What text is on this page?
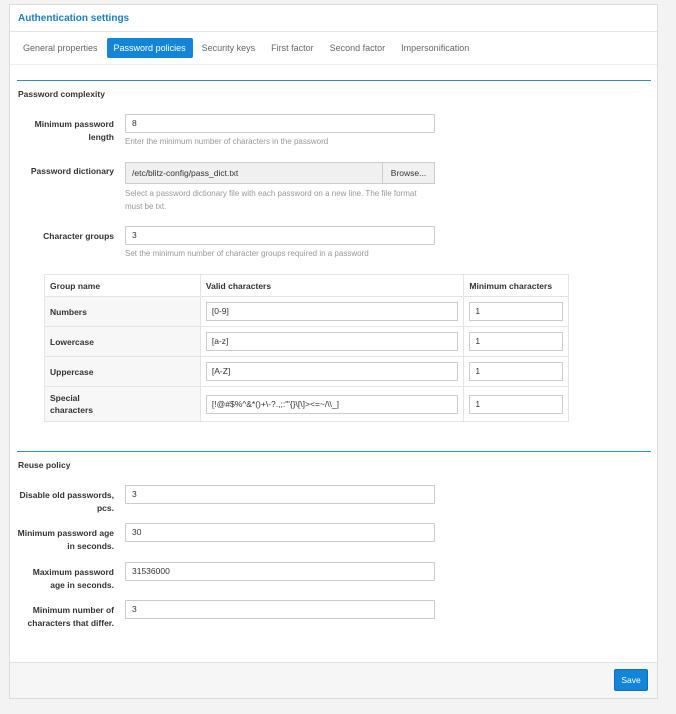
Authentication settings
General properties	Password policies	Security keys	First factor	Second factor	Impersonification
Password complexity
Minimum password length
8
Enter the minimum number of characters in the password
Password dictionary	/etc/blitz-config/pass_dict.txt	Browse...
Select a password dictionary file with each password on a new line. The file format must be txt.
Character groups	3
Set the minimum number of character groups required in a password
Group name	Valid characters	Minimum characters
Numbers	[0-9]	1

Lowercase	[a-z]	1

Uppercase	[A-Z]	1

Special characters	[!@#$%^&*()+\-?.,;:"'{}\[\]><=~/\\_]	1
Reuse policy
Disable old passwords, pcs.
3
Minimum password age in seconds.
30
Maximum password age in seconds.
31536000
Minimum number of characters that differ.
3
Save
